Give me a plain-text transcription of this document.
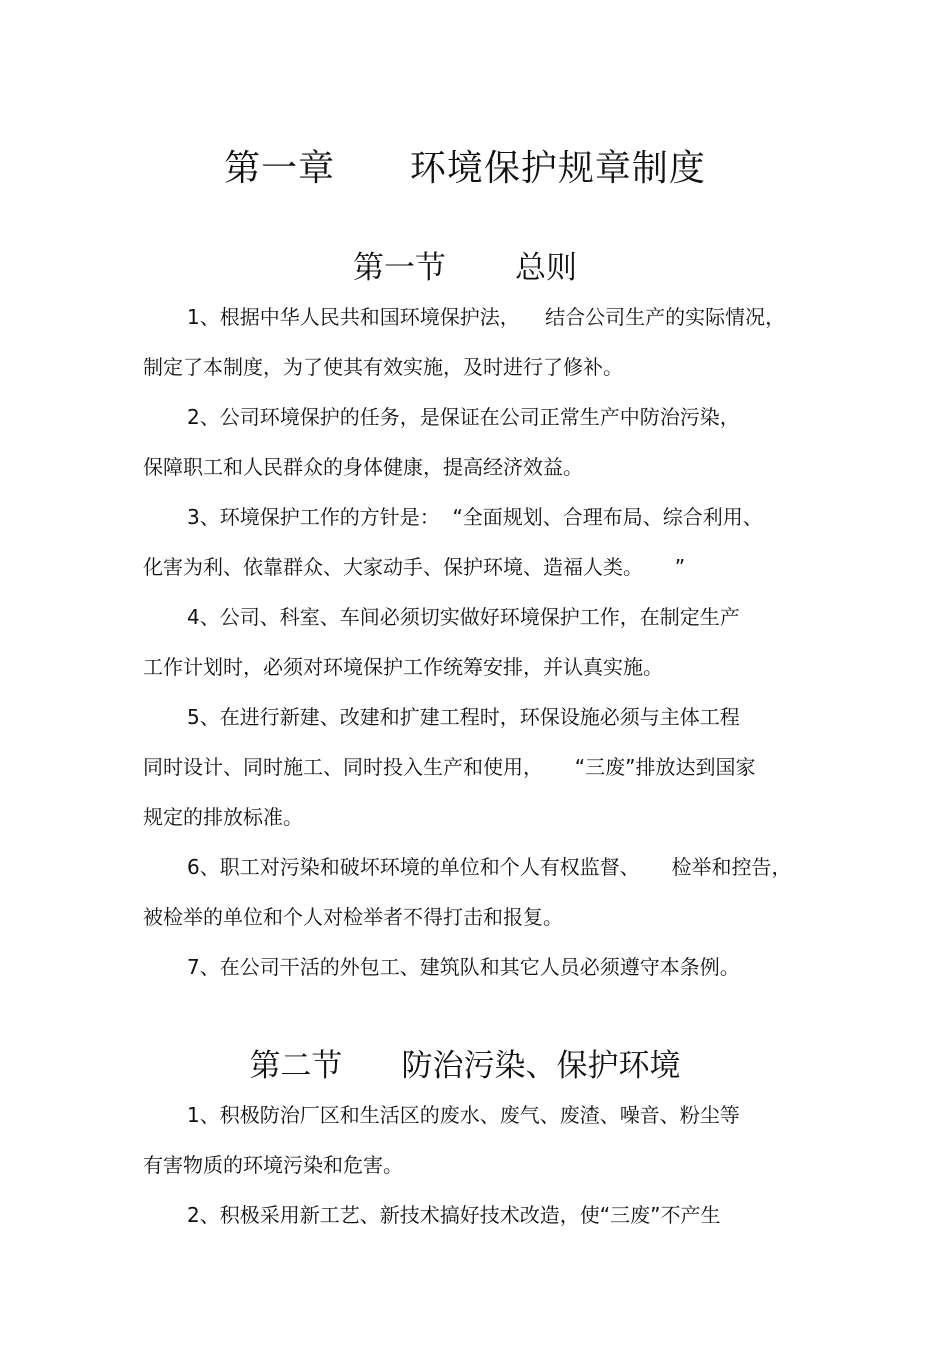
第一章      环境保护规章制度
第一节       总则
1、根据中华人民共和国环境保护法，    结合公司生产的实际情况，
制定了本制度，为了使其有效实施，及时进行了修补。
2、公司环境保护的任务，是保证在公司正常生产中防治污染，
保障职工和人民群众的身体健康，提高经济效益。
3、环境保护工作的方针是：  “全面规划、合理布局、综合利用、
化害为利、依靠群众、大家动手、保护环境、造福人类。     ”
4、公司、科室、车间必须切实做好环境保护工作，在制定生产
工作计划时，必须对环境保护工作统筹安排，并认真实施。
5、在进行新建、改建和扩建工程时，环保设施必须与主体工程
同时设计、同时施工、同时投入生产和使用，     “三废”排放达到国家
规定的排放标准。
6、职工对污染和破坏环境的单位和个人有权监督、     检举和控告，
被检举的单位和个人对检举者不得打击和报复。
7、在公司干活的外包工、建筑队和其它人员必须遵守本条例。
第二节      防治污染、保护环境
1、积极防治厂区和生活区的废水、废气、废渣、噪音、粉尘等
有害物质的环境污染和危害。
2、积极采用新工艺、新技术搞好技术改造，使“三废”不产生
